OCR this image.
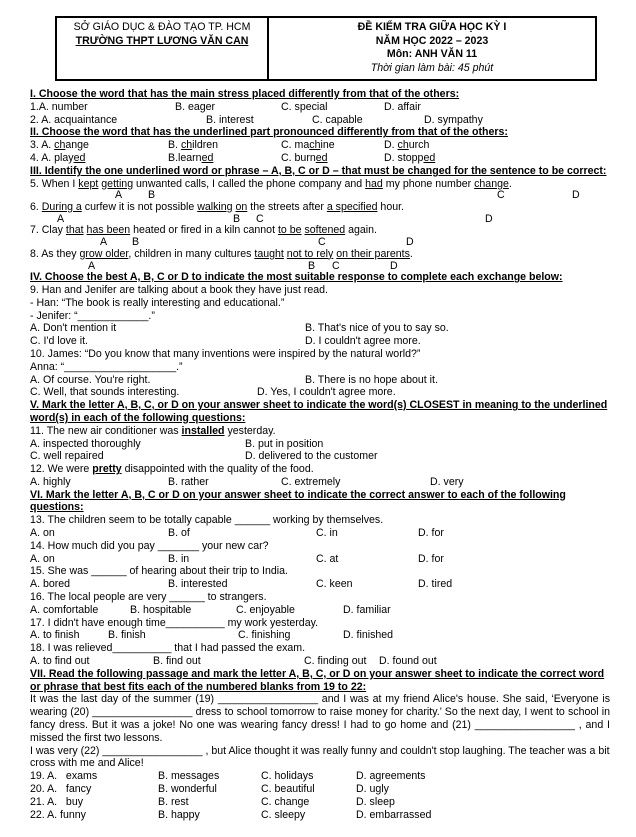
SỞ GIÁO DỤC & ĐÀO TẠO TP. HCM
TRƯỜNG THPT LƯƠNG VĂN CAN
ĐỀ KIỂM TRA GIỮA HỌC KỲ I
NĂM HỌC 2022 – 2023
Môn: ANH VĂN 11
Thời gian làm bài: 45 phút
I. Choose the word that has the main stress placed differently from that of the others:
1.A. number	B. eager	C. special	D. affair
2. A. acquaintance	B. interest	C. capable	D. sympathy
II. Choose the word that has the underlined part pronounced differently from that of the others:
3. A. change	B. children	C. machine	D. church
4. A. played	B.learned	C. burned	D. stopped
III. Identify the one underlined word or phrase – A, B, C or D – that must be changed for the sentence to be correct:
5. When I kept getting unwanted calls, I called the phone company and had my phone number change.
A B	C	D
6. During a curfew it is not possible walking on the streets after a specified hour.
A	B C	D
7. Clay that has been heated or fired in a kiln cannot to be softened again.
A B	C	D
8. As they grow older, children in many cultures taught not to rely on their parents.
A	B C	D
IV. Choose the best A, B, C or D to indicate the most suitable response to complete each exchange below:
9. Han and Jenifer are talking about a book they have just read.
- Han: “The book is really interesting and educational.”
- Jenifer: “____________.”
A. Don't mention it	B. That's nice of you to say so.
C. I'd love it.	D. I couldn't agree more.
10. James: “Do you know that many inventions were inspired by the natural world?”
Anna: “___________________.”
A. Of course. You're right.	B. There is no hope about it.
C. Well, that sounds interesting.	D. Yes, I couldn't agree more.
V. Mark the letter A, B, C, or D on your answer sheet to indicate the word(s) CLOSEST in meaning to the underlined word(s) in each of the following questions:
11. The new air conditioner was installed yesterday.
A. inspected thoroughly	B. put in position
C. well repaired	D. delivered to the customer
12. We were pretty disappointed with the quality of the food.
A. highly	B. rather	C. extremely	D. very
VI. Mark the letter A, B, C or D on your answer sheet to indicate the correct answer to each of the following questions:
13. The children seem to be totally capable ______ working by themselves.
A. on	B. of	C. in	D. for
14. How much did you pay _______ your new car?
A. on	B. in	C. at	D. for
15. She was ______ of hearing about their trip to India.
A. bored	B. interested	C. keen	D. tired
16. The local people are very ______ to strangers.
A. comfortable	B. hospitable	C. enjoyable	D. familiar
17. I didn't have enough time__________ my work yesterday.
A. to finish	B. finish	C. finishing	D. finished
18. I was relieved__________ that I had passed the exam.
A. to find out	B. find out	C. finding out D. found out
VII. Read the following passage and mark the letter A, B, C, or D on your answer sheet to indicate the correct word or phrase that best fits each of the numbered blanks from 19 to 22:
It was the last day of the summer (19) _________________ and I was at my friend Alice's house. She said, ‘Everyone is wearing (20) _________________ dress to school tomorrow to raise money for charity.’ So the next day, I went to school in fancy dress. But it was a joke! No one was wearing fancy dress! I had to go home and (21) _________________ , and I missed the first two lessons.
I was very (22) _________________ , but Alice thought it was really funny and couldn't stop laughing. The teacher was a bit cross with me and Alice!
19. A.   exams	B. messages	C. holidays	D. agreements
20. A.   fancy	B. wonderful	C. beautiful	D. ugly
21. A.   buy	B. rest	C. change	D. sleep
22. A. funny	B. happy	C. sleepy	D. embarrassed
